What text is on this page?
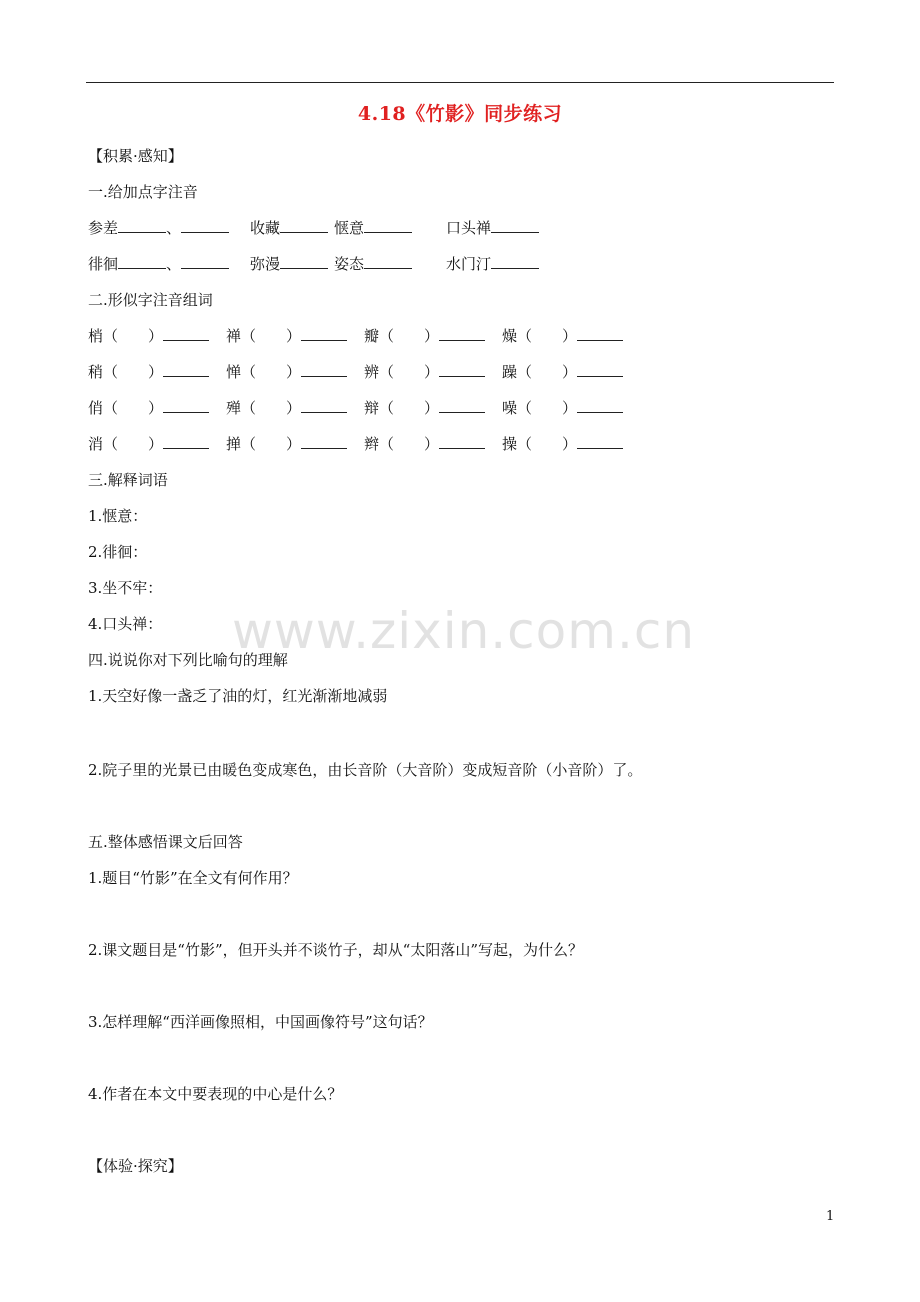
4.18《竹影》同步练习
【积累·感知】
一.给加点字注音
参差	、	收藏	惬意	口头禅
徘徊	、	弥漫	姿态	水门汀
二.形似字注音组词
梢（　　）	禅（　　）	瓣（　　）	燥（　　）
稍（　　）	惮（　　）	辨（　　）	躁（　　）
俏（　　）	殚（　　）	辩（　　）	噪（　　）
消（　　）	掸（　　）	辫（　　）	操（　　）
三.解释词语
1.惬意：
2.徘徊：
3.坐不牢：
4.口头禅：
四.说说你对下列比喻句的理解
1.天空好像一盏乏了油的灯，红光渐渐地减弱
2.院子里的光景已由暖色变成寒色，由长音阶（大音阶）变成短音阶（小音阶）了。
五.整体感悟课文后回答
1.题目“竹影”在全文有何作用？
2.课文题目是“竹影”，但开头并不谈竹子，却从“太阳落山”写起，为什么？
3.怎样理解“西洋画像照相，中国画像符号”这句话？
4.作者在本文中要表现的中心是什么？
【体验·探究】
www.zixin.com.cn
1
